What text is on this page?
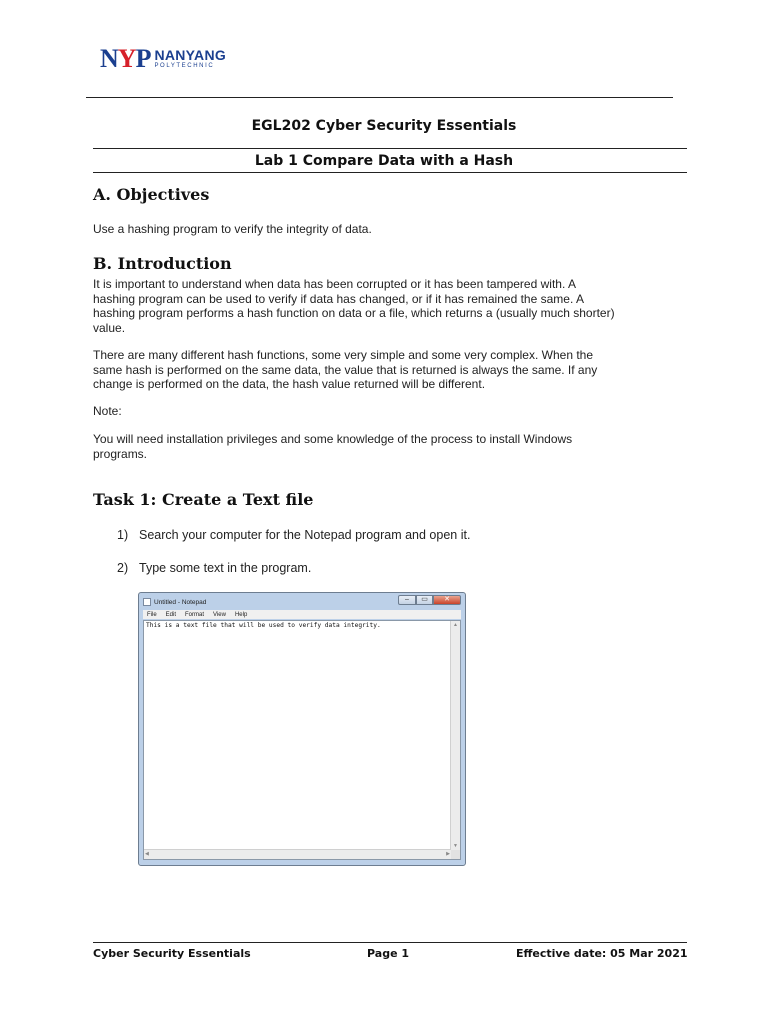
NYP NANYANG
POLYTECHNIC
EGL202 Cyber Security Essentials
Lab 1 Compare Data with a Hash
A. Objectives

Use a hashing program to verify the integrity of data.

B. Introduction
It is important to understand when data has been corrupted or it has been tampered with. A
hashing program can be used to verify if data has changed, or if it has remained the same. A
hashing program performs a hash function on data or a file, which returns a (usually much shorter)
value.
There are many different hash functions, some very simple and some very complex. When the
same hash is performed on the same data, the value that is returned is always the same. If any
change is performed on the data, the hash value returned will be different.
Note:
You will need installation privileges and some knowledge of the process to install Windows
programs.
Task 1: Create a Text file
1) Search your computer for the Notepad program and open it.
2) Type some text in the program.
Untitled - Notepad	–	▭	✕
File Edit Format View Help
This is a text file that will be used to verify data integrity.	▲
▼
◀	▶
Cyber Security Essentials	Page 1	Effective date: 05 Mar 2021
